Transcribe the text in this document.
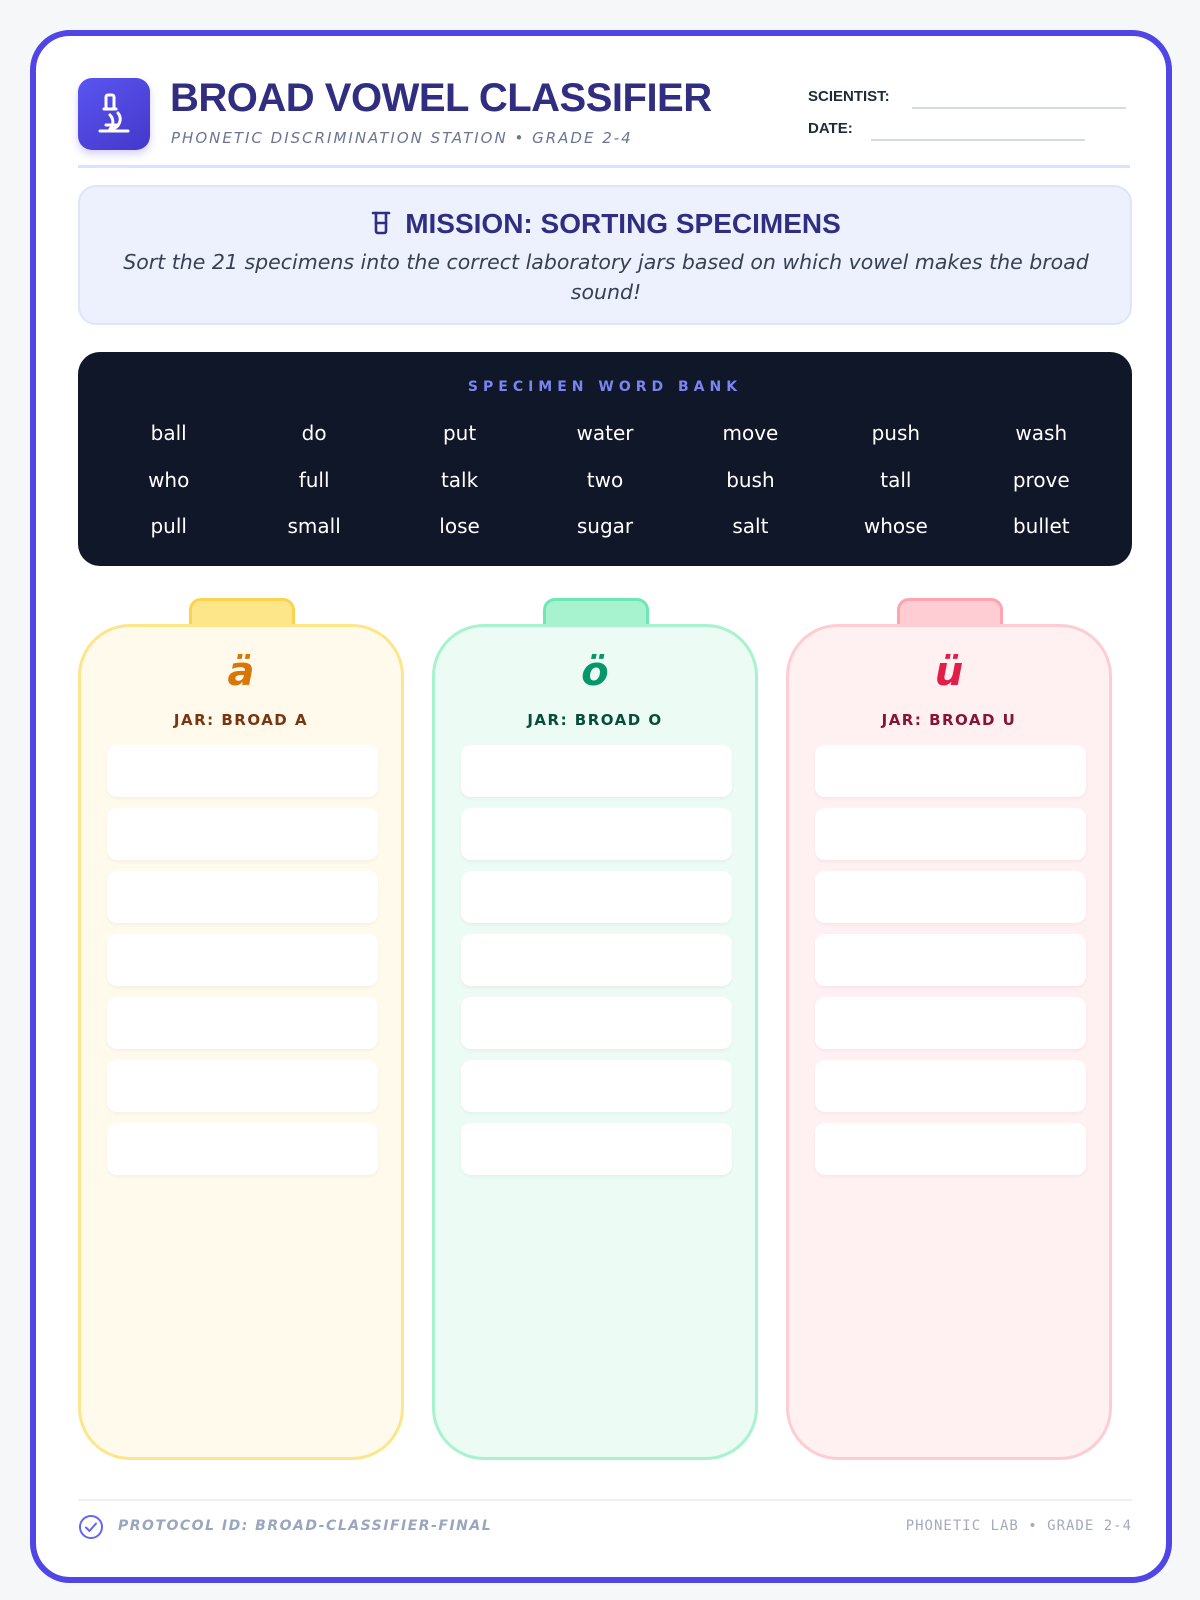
BROAD VOWEL CLASSIFIER
PHONETIC DISCRIMINATION STATION • GRADE 2-4
SCIENTIST:
DATE:
MISSION: SORTING SPECIMENS
Sort the 21 specimens into the correct laboratory jars based on which vowel makes the broad sound!
SPECIMEN WORD BANK
ball	do	put	water	move	push	wash
who	full	talk	two	bush	tall	prove
pull	small	lose	sugar	salt	whose	bullet
ä
JAR: BROAD A
ö
JAR: BROAD O
ü
JAR: BROAD U
PROTOCOL ID: BROAD-CLASSIFIER-FINAL	PHONETIC LAB • GRADE 2-4
